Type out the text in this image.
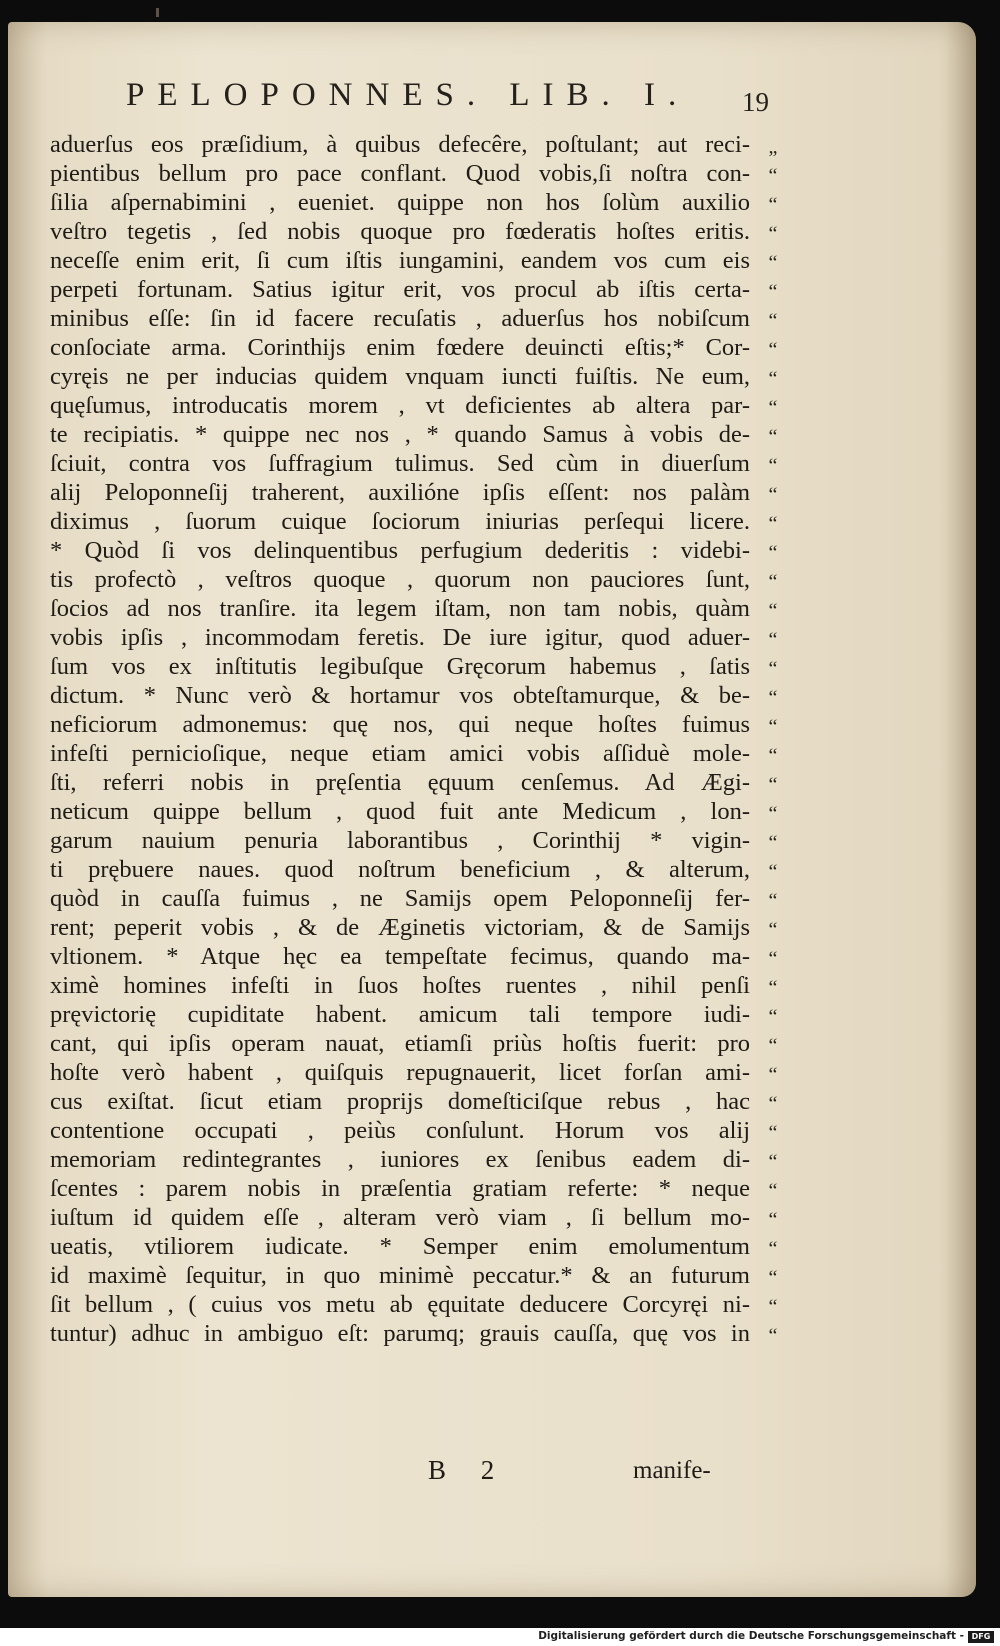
PELOPONNES. LIB. I. 19
aduerſus eos præſidium, à quibus defecêre, poſtulant; aut reci-
pientibus bellum pro pace conflant. Quod vobis,ſi noſtra con-
ſilia aſpernabimini , eueniet. quippe non hos ſolùm auxilio
veſtro tegetis , ſed nobis quoque pro fœderatis hoſtes eritis.
neceſſe enim erit, ſi cum iſtis iungamini, eandem vos cum eis
perpeti fortunam. Satius igitur erit, vos procul ab iſtis certa-
minibus eſſe: ſin id facere recuſatis , aduerſus hos nobiſcum
conſociate arma. Corinthijs enim fœdere deuincti eſtis;* Cor-
cyręis ne per inducias quidem vnquam iuncti fuiſtis. Ne eum,
quęſumus, introducatis morem , vt deficientes ab altera par-
te recipiatis. * quippe nec nos , * quando Samus à vobis de-
ſciuit, contra vos ſuffragium tulimus. Sed cùm in diuerſum
alij Peloponneſij traherent, auxilióne ipſis eſſent: nos palàm
diximus , ſuorum cuique ſociorum iniurias perſequi licere.
* Quòd ſi vos delinquentibus perfugium dederitis : videbi-
tis profectò , veſtros quoque , quorum non pauciores ſunt,
ſocios ad nos tranſire. ita legem iſtam, non tam nobis, quàm
vobis ipſis , incommodam feretis. De iure igitur, quod aduer-
ſum vos ex inſtitutis legibuſque Gręcorum habemus , ſatis
dictum. * Nunc verò & hortamur vos obteſtamurque, & be-
neficiorum admonemus: quę nos, qui neque hoſtes fuimus
infeſti pernicioſique, neque etiam amici vobis aſſiduè mole-
ſti, referri nobis in pręſentia ęquum cenſemus. Ad Ægi-
neticum quippe bellum , quod fuit ante Medicum , lon-
garum nauium penuria laborantibus , Corinthij * vigin-
ti prębuere naues. quod noſtrum beneficium , & alterum,
quòd in cauſſa fuimus , ne Samijs opem Peloponneſij fer-
rent; peperit vobis , & de Æginetis victoriam, & de Samijs
vltionem. * Atque hęc ea tempeſtate fecimus, quando ma-
ximè homines infeſti in ſuos hoſtes ruentes , nihil penſi
pręvictorię cupiditate habent. amicum tali tempore iudi-
cant, qui ipſis operam nauat, etiamſi priùs hoſtis fuerit: pro
hoſte verò habent , quiſquis repugnauerit, licet forſan ami-
cus exiſtat. ſicut etiam proprijs domeſticiſque rebus , hac
contentione occupati , peiùs conſulunt. Horum vos alij
memoriam redintegrantes , iuniores ex ſenibus eadem di-
ſcentes : parem nobis in præſentia gratiam referte: * neque
iuſtum id quidem eſſe , alteram verò viam , ſi bellum mo-
ueatis, vtiliorem iudicate. * Semper enim emolumentum
id maximè ſequitur, in quo minimè peccatur.* & an futurum
ſit bellum , ( cuius vos metu ab ęquitate deducere Corcyręi ni-
tuntur) adhuc in ambiguo eſt: parumq; grauis cauſſa, quę vos in
„
“
“
“
“
“
“
“
“
“
“
“
“
“
“
“
“
“
“
“
“
“
“
“
“
“
“
“
“
“
“
“
“
“
“
“
“
“
“
“
“
“
B 2	manife-
Digitalisierung gefördert durch die Deutsche Forschungsgemeinschaft - DFG
